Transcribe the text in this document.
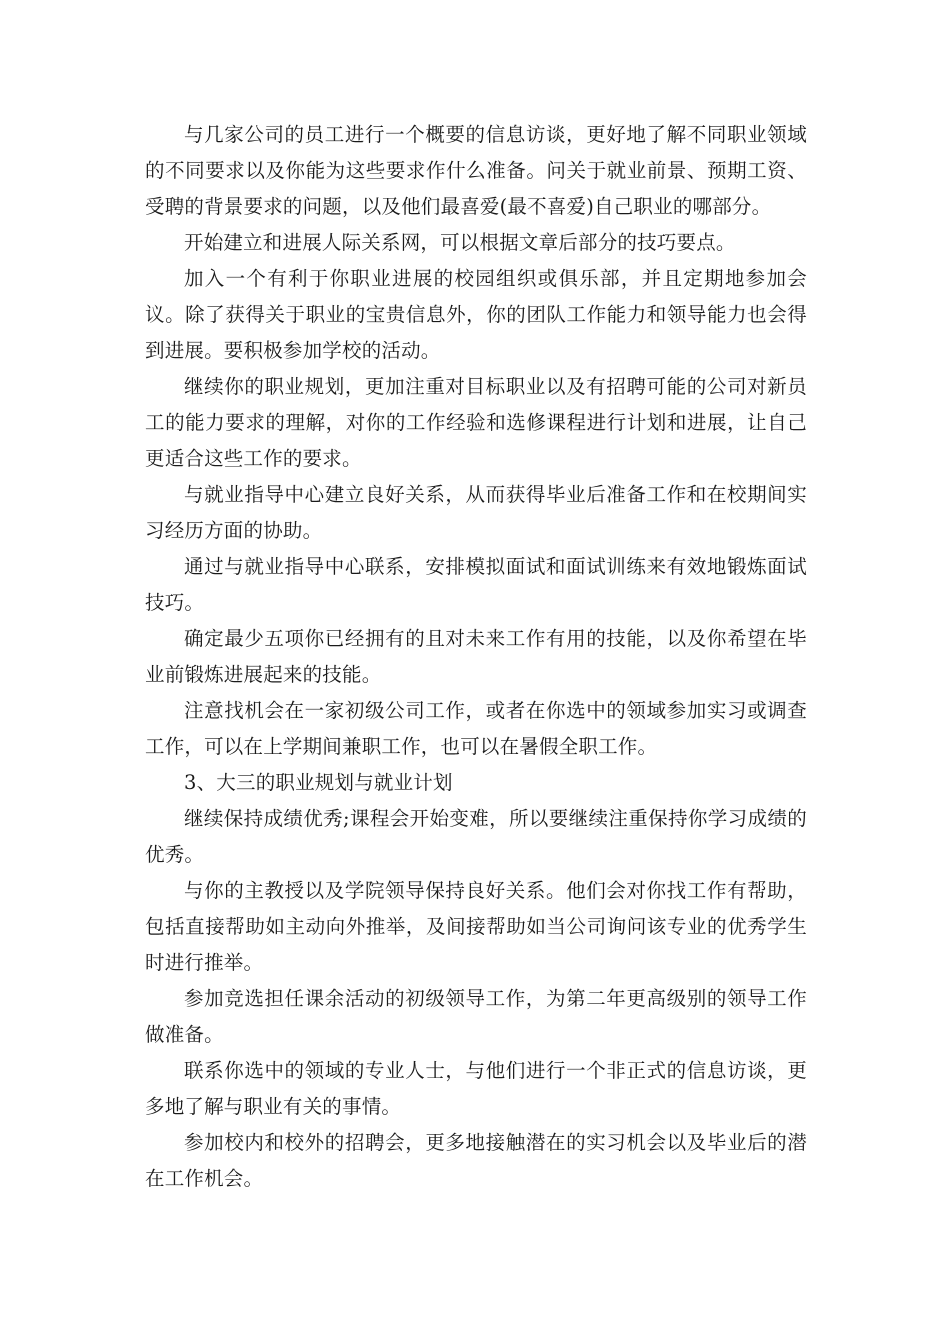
与几家公司的员工进行一个概要的信息访谈，更好地了解不同职业领域的不同要求以及你能为这些要求作什么准备。问关于就业前景、预期工资、受聘的背景要求的问题，以及他们最喜爱(最不喜爱)自己职业的哪部分。

开始建立和进展人际关系网，可以根据文章后部分的技巧要点。

加入一个有利于你职业进展的校园组织或俱乐部，并且定期地参加会议。除了获得关于职业的宝贵信息外，你的团队工作能力和领导能力也会得到进展。要积极参加学校的活动。

继续你的职业规划，更加注重对目标职业以及有招聘可能的公司对新员工的能力要求的理解，对你的工作经验和选修课程进行计划和进展，让自己更适合这些工作的要求。

与就业指导中心建立良好关系，从而获得毕业后准备工作和在校期间实习经历方面的协助。

通过与就业指导中心联系，安排模拟面试和面试训练来有效地锻炼面试技巧。

确定最少五项你已经拥有的且对未来工作有用的技能，以及你希望在毕业前锻炼进展起来的技能。

注意找机会在一家初级公司工作，或者在你选中的领域参加实习或调查工作，可以在上学期间兼职工作，也可以在暑假全职工作。

3、大三的职业规划与就业计划

继续保持成绩优秀;课程会开始变难，所以要继续注重保持你学习成绩的优秀。

与你的主教授以及学院领导保持良好关系。他们会对你找工作有帮助，包括直接帮助如主动向外推举，及间接帮助如当公司询问该专业的优秀学生时进行推举。

参加竞选担任课余活动的初级领导工作，为第二年更高级别的领导工作做准备。

联系你选中的领域的专业人士，与他们进行一个非正式的信息访谈，更多地了解与职业有关的事情。

参加校内和校外的招聘会，更多地接触潜在的实习机会以及毕业后的潜在工作机会。
